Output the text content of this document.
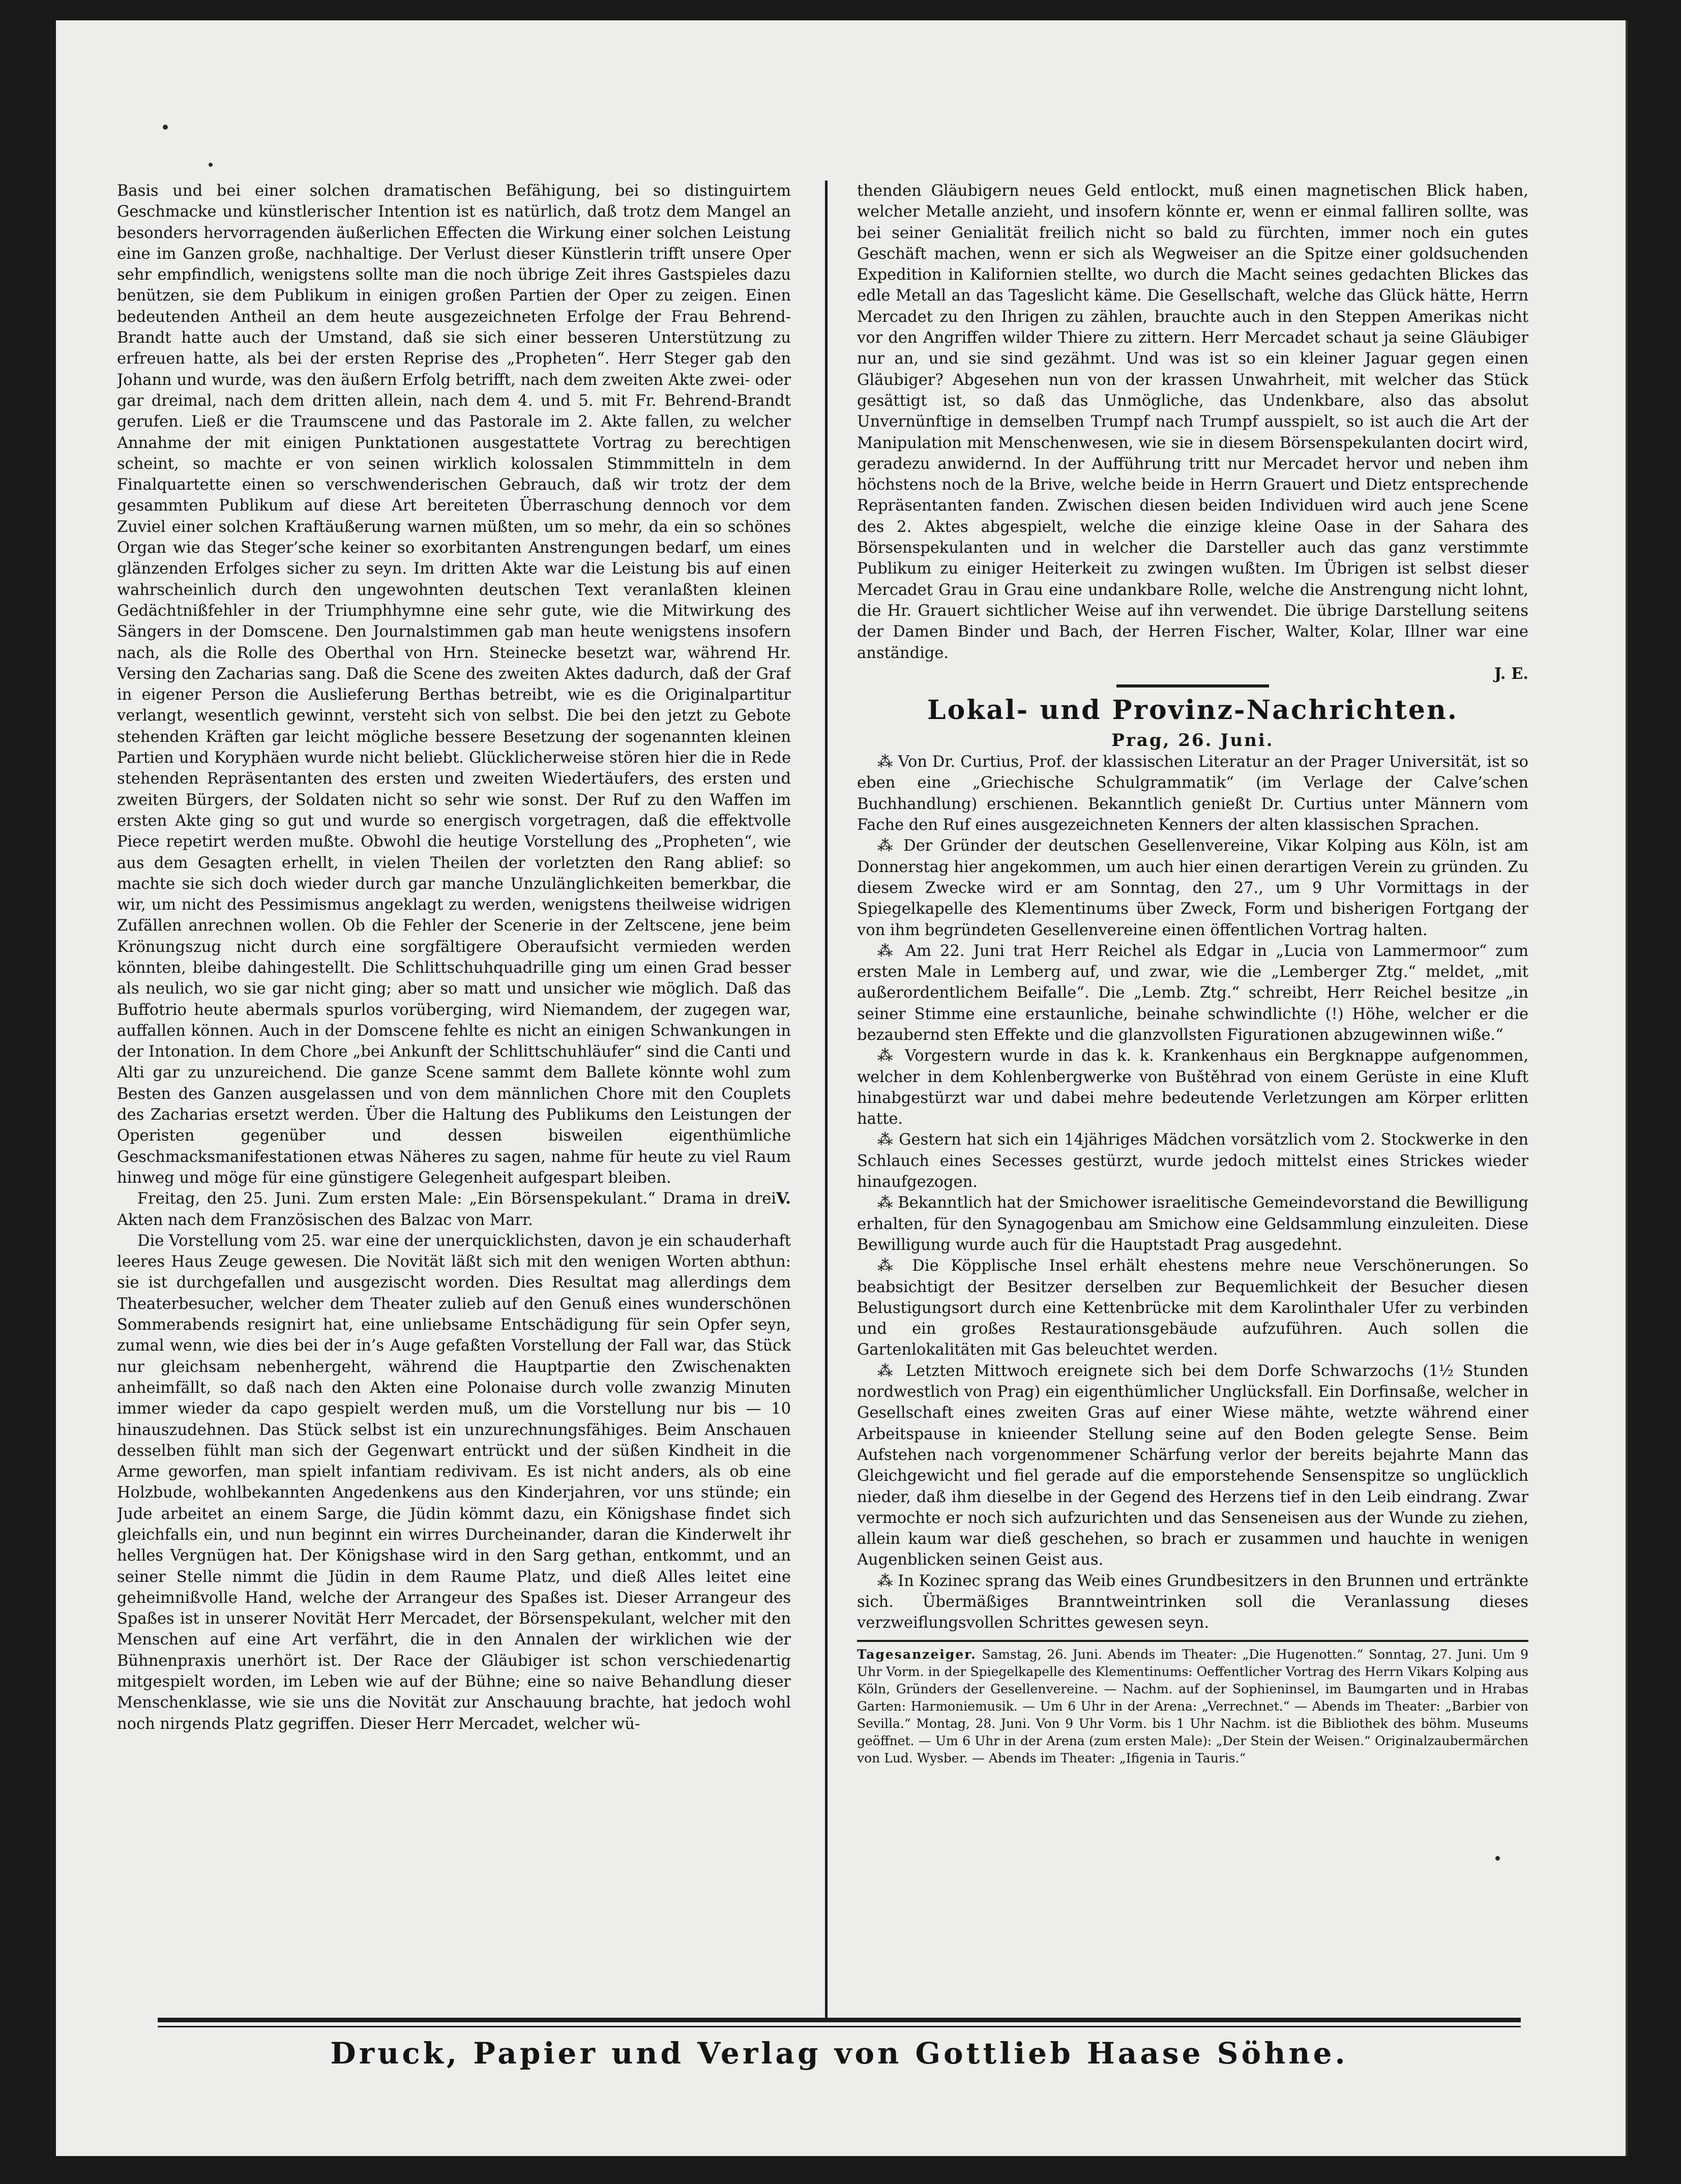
Basis und bei einer solchen dramatischen Befähigung, bei so distinguirtem Geschmacke und künstlerischer Intention ist es natürlich, daß trotz dem Mangel an besonders hervorragenden äußerlichen Effecten die Wirkung einer solchen Leistung eine im Ganzen große, nachhaltige. Der Verlust dieser Künstlerin trifft unsere Oper sehr empfindlich, wenigstens sollte man die noch übrige Zeit ihres Gastspieles dazu benützen, sie dem Publikum in einigen großen Partien der Oper zu zeigen. Einen bedeutenden Antheil an dem heute ausgezeichneten Erfolge der Frau Behrend-Brandt hatte auch der Umstand, daß sie sich einer besseren Unterstützung zu erfreuen hatte, als bei der ersten Reprise des „Propheten“. Herr Steger gab den Johann und wurde, was den äußern Erfolg betrifft, nach dem zweiten Akte zwei- oder gar dreimal, nach dem dritten allein, nach dem 4. und 5. mit Fr. Behrend-Brandt gerufen. Ließ er die Traumscene und das Pastorale im 2. Akte fallen, zu welcher Annahme der mit einigen Punktationen ausgestattete Vortrag zu berechtigen scheint, so machte er von seinen wirklich kolossalen Stimmmitteln in dem Finalquartette einen so verschwenderischen Gebrauch, daß wir trotz der dem gesammten Publikum auf diese Art bereiteten Überraschung dennoch vor dem Zuviel einer solchen Kraftäußerung warnen müßten, um so mehr, da ein so schönes Organ wie das Steger’sche keiner so exorbitanten Anstrengungen bedarf, um eines glänzenden Erfolges sicher zu seyn. Im dritten Akte war die Leistung bis auf einen wahrscheinlich durch den ungewohnten deutschen Text veranlaßten kleinen Gedächtnißfehler in der Triumphhymne eine sehr gute, wie die Mitwirkung des Sängers in der Domscene. Den Journalstimmen gab man heute wenigstens insofern nach, als die Rolle des Oberthal von Hrn. Steinecke besetzt war, während Hr. Versing den Zacharias sang. Daß die Scene des zweiten Aktes dadurch, daß der Graf in eigener Person die Auslieferung Berthas betreibt, wie es die Originalpartitur verlangt, wesentlich gewinnt, versteht sich von selbst. Die bei den jetzt zu Gebote stehenden Kräften gar leicht mögliche bessere Besetzung der sogenannten kleinen Partien und Koryphäen wurde nicht beliebt. Glücklicherweise stören hier die in Rede stehenden Repräsentanten des ersten und zweiten Wiedertäufers, des ersten und zweiten Bürgers, der Soldaten nicht so sehr wie sonst. Der Ruf zu den Waffen im ersten Akte ging so gut und wurde so energisch vorgetragen, daß die effektvolle Piece repetirt werden mußte. Obwohl die heutige Vorstellung des „Propheten“, wie aus dem Gesagten erhellt, in vielen Theilen der vorletzten den Rang ablief: so machte sie sich doch wieder durch gar manche Unzulänglichkeiten bemerkbar, die wir, um nicht des Pessimismus angeklagt zu werden, wenigstens theilweise widrigen Zufällen anrechnen wollen. Ob die Fehler der Scenerie in der Zeltscene, jene beim Krönungszug nicht durch eine sorgfältigere Oberaufsicht vermieden werden könnten, bleibe dahingestellt. Die Schlittschuhquadrille ging um einen Grad besser als neulich, wo sie gar nicht ging; aber so matt und unsicher wie möglich. Daß das Buffotrio heute abermals spurlos vorüberging, wird Niemandem, der zugegen war, auffallen können. Auch in der Domscene fehlte es nicht an einigen Schwankungen in der Intonation. In dem Chore „bei Ankunft der Schlittschuhläufer“ sind die Canti und Alti gar zu unzureichend. Die ganze Scene sammt dem Ballete könnte wohl zum Besten des Ganzen ausgelassen und von dem männlichen Chore mit den Couplets des Zacharias ersetzt werden. Über die Haltung des Publikums den Leistungen der Operisten gegenüber und dessen bisweilen eigenthümliche Geschmacksmanifestationen etwas Näheres zu sagen, nahme für heute zu viel Raum hinweg und möge für eine günstigere Gelegenheit aufgespart bleiben.

V.

Freitag, den 25. Juni. Zum ersten Male: „Ein Börsenspekulant.“ Drama in drei Akten nach dem Französischen des Balzac von Marr.

Die Vorstellung vom 25. war eine der unerquicklichsten, davon je ein schauderhaft leeres Haus Zeuge gewesen. Die Novität läßt sich mit den wenigen Worten abthun: sie ist durchgefallen und ausgezischt worden. Dies Resultat mag allerdings dem Theaterbesucher, welcher dem Theater zulieb auf den Genuß eines wunderschönen Sommerabends resignirt hat, eine unliebsame Entschädigung für sein Opfer seyn, zumal wenn, wie dies bei der in’s Auge gefaßten Vorstellung der Fall war, das Stück nur gleichsam nebenhergeht, während die Hauptpartie den Zwischenakten anheimfällt, so daß nach den Akten eine Polonaise durch volle zwanzig Minuten immer wieder da capo gespielt werden muß, um die Vorstellung nur bis — 10 hinauszudehnen. Das Stück selbst ist ein unzurechnungsfähiges. Beim Anschauen desselben fühlt man sich der Gegenwart entrückt und der süßen Kindheit in die Arme geworfen, man spielt infantiam redivivam. Es ist nicht anders, als ob eine Holzbude, wohlbekannten Angedenkens aus den Kinderjahren, vor uns stünde; ein Jude arbeitet an einem Sarge, die Jüdin kömmt dazu, ein Königshase findet sich gleichfalls ein, und nun beginnt ein wirres Durcheinander, daran die Kinderwelt ihr helles Vergnügen hat. Der Königshase wird in den Sarg gethan, entkommt, und an seiner Stelle nimmt die Jüdin in dem Raume Platz, und dieß Alles leitet eine geheimnißvolle Hand, welche der Arrangeur des Spaßes ist. Dieser Arrangeur des Spaßes ist in unserer Novität Herr Mercadet, der Börsenspekulant, welcher mit den Menschen auf eine Art verfährt, die in den Annalen der wirklichen wie der Bühnenpraxis unerhört ist. Der Race der Gläubiger ist schon verschiedenartig mitgespielt worden, im Leben wie auf der Bühne; eine so naive Behandlung dieser Menschenklasse, wie sie uns die Novität zur Anschauung brachte, hat jedoch wohl noch nirgends Platz gegriffen. Dieser Herr Mercadet, welcher wü-

thenden Gläubigern neues Geld entlockt, muß einen magnetischen Blick haben, welcher Metalle anzieht, und insofern könnte er, wenn er einmal falliren sollte, was bei seiner Genialität freilich nicht so bald zu fürchten, immer noch ein gutes Geschäft machen, wenn er sich als Wegweiser an die Spitze einer goldsuchenden Expedition in Kalifornien stellte, wo durch die Macht seines gedachten Blickes das edle Metall an das Tageslicht käme. Die Gesellschaft, welche das Glück hätte, Herrn Mercadet zu den Ihrigen zu zählen, brauchte auch in den Steppen Amerikas nicht vor den Angriffen wilder Thiere zu zittern. Herr Mercadet schaut ja seine Gläubiger nur an, und sie sind gezähmt. Und was ist so ein kleiner Jaguar gegen einen Gläubiger? Abgesehen nun von der krassen Unwahrheit, mit welcher das Stück gesättigt ist, so daß das Unmögliche, das Undenkbare, also das absolut Unvernünftige in demselben Trumpf nach Trumpf ausspielt, so ist auch die Art der Manipulation mit Menschenwesen, wie sie in diesem Börsenspekulanten docirt wird, geradezu anwidernd. In der Aufführung tritt nur Mercadet hervor und neben ihm höchstens noch de la Brive, welche beide in Herrn Grauert und Dietz entsprechende Repräsentanten fanden. Zwischen diesen beiden Individuen wird auch jene Scene des 2. Aktes abgespielt, welche die einzige kleine Oase in der Sahara des Börsenspekulanten und in welcher die Darsteller auch das ganz verstimmte Publikum zu einiger Heiterkeit zu zwingen wußten. Im Übrigen ist selbst dieser Mercadet Grau in Grau eine undankbare Rolle, welche die Anstrengung nicht lohnt, die Hr. Grauert sichtlicher Weise auf ihn verwendet. Die übrige Darstellung seitens der Damen Binder und Bach, der Herren Fischer, Walter, Kolar, Illner war eine anständige.

J. E.

Lokal- und Provinz-Nachrichten.
Prag, 26. Juni.

⁂ Von Dr. Curtius, Prof. der klassischen Literatur an der Prager Universität, ist so eben eine „Griechische Schulgrammatik“ (im Verlage der Calve’schen Buchhandlung) erschienen. Bekanntlich genießt Dr. Curtius unter Männern vom Fache den Ruf eines ausgezeichneten Kenners der alten klassischen Sprachen.

⁂ Der Gründer der deutschen Gesellenvereine, Vikar Kolping aus Köln, ist am Donnerstag hier angekommen, um auch hier einen derartigen Verein zu gründen. Zu diesem Zwecke wird er am Sonntag, den 27., um 9 Uhr Vormittags in der Spiegelkapelle des Klementinums über Zweck, Form und bisherigen Fortgang der von ihm begründeten Gesellenvereine einen öffentlichen Vortrag halten.

⁂ Am 22. Juni trat Herr Reichel als Edgar in „Lucia von Lammermoor“ zum ersten Male in Lemberg auf, und zwar, wie die „Lemberger Ztg.“ meldet, „mit außerordentlichem Beifalle“. Die „Lemb. Ztg.“ schreibt, Herr Reichel besitze „in seiner Stimme eine erstaunliche, beinahe schwindlichte (!) Höhe, welcher er die bezaubernd sten Effekte und die glanzvollsten Figurationen abzugewinnen wiße.“

⁂ Vorgestern wurde in das k. k. Krankenhaus ein Bergknappe aufgenommen, welcher in dem Kohlenbergwerke von Buštěhrad von einem Gerüste in eine Kluft hinabgestürzt war und dabei mehre bedeutende Verletzungen am Körper erlitten hatte.

⁂ Gestern hat sich ein 14jähriges Mädchen vorsätzlich vom 2. Stockwerke in den Schlauch eines Secesses gestürzt, wurde jedoch mittelst eines Strickes wieder hinaufgezogen.

⁂ Bekanntlich hat der Smichower israelitische Gemeindevorstand die Bewilligung erhalten, für den Synagogenbau am Smichow eine Geldsammlung einzuleiten. Diese Bewilligung wurde auch für die Hauptstadt Prag ausgedehnt.

⁂ Die Köpplische Insel erhält ehestens mehre neue Verschönerungen. So beabsichtigt der Besitzer derselben zur Bequemlichkeit der Besucher diesen Belustigungsort durch eine Kettenbrücke mit dem Karolinthaler Ufer zu verbinden und ein großes Restaurationsgebäude aufzuführen. Auch sollen die Gartenlokalitäten mit Gas beleuchtet werden.

⁂ Letzten Mittwoch ereignete sich bei dem Dorfe Schwarzochs (1½ Stunden nordwestlich von Prag) ein eigenthümlicher Unglücksfall. Ein Dorfinsaße, welcher in Gesellschaft eines zweiten Gras auf einer Wiese mähte, wetzte während einer Arbeitspause in knieender Stellung seine auf den Boden gelegte Sense. Beim Aufstehen nach vorgenommener Schärfung verlor der bereits bejahrte Mann das Gleichgewicht und fiel gerade auf die emporstehende Sensenspitze so unglücklich nieder, daß ihm dieselbe in der Gegend des Herzens tief in den Leib eindrang. Zwar vermochte er noch sich aufzurichten und das Senseneisen aus der Wunde zu ziehen, allein kaum war dieß geschehen, so brach er zusammen und hauchte in wenigen Augenblicken seinen Geist aus.

⁂ In Kozinec sprang das Weib eines Grundbesitzers in den Brunnen und ertränkte sich. Übermäßiges Branntweintrinken soll die Veranlassung dieses verzweiflungsvollen Schrittes gewesen seyn.

Tagesanzeiger. Samstag, 26. Juni. Abends im Theater: „Die Hugenotten.“ Sonntag, 27. Juni. Um 9 Uhr Vorm. in der Spiegelkapelle des Klementinums: Oeffentlicher Vortrag des Herrn Vikars Kolping aus Köln, Gründers der Gesellenvereine. — Nachm. auf der Sophieninsel, im Baumgarten und in Hrabas Garten: Harmoniemusik. — Um 6 Uhr in der Arena: „Verrechnet.“ — Abends im Theater: „Barbier von Sevilla.“ Montag, 28. Juni. Von 9 Uhr Vorm. bis 1 Uhr Nachm. ist die Bibliothek des böhm. Museums geöffnet. — Um 6 Uhr in der Arena (zum ersten Male): „Der Stein der Weisen.“ Originalzaubermärchen von Lud. Wysber. — Abends im Theater: „Ifigenia in Tauris.“

Druck, Papier und Verlag von Gottlieb Haase Söhne.
